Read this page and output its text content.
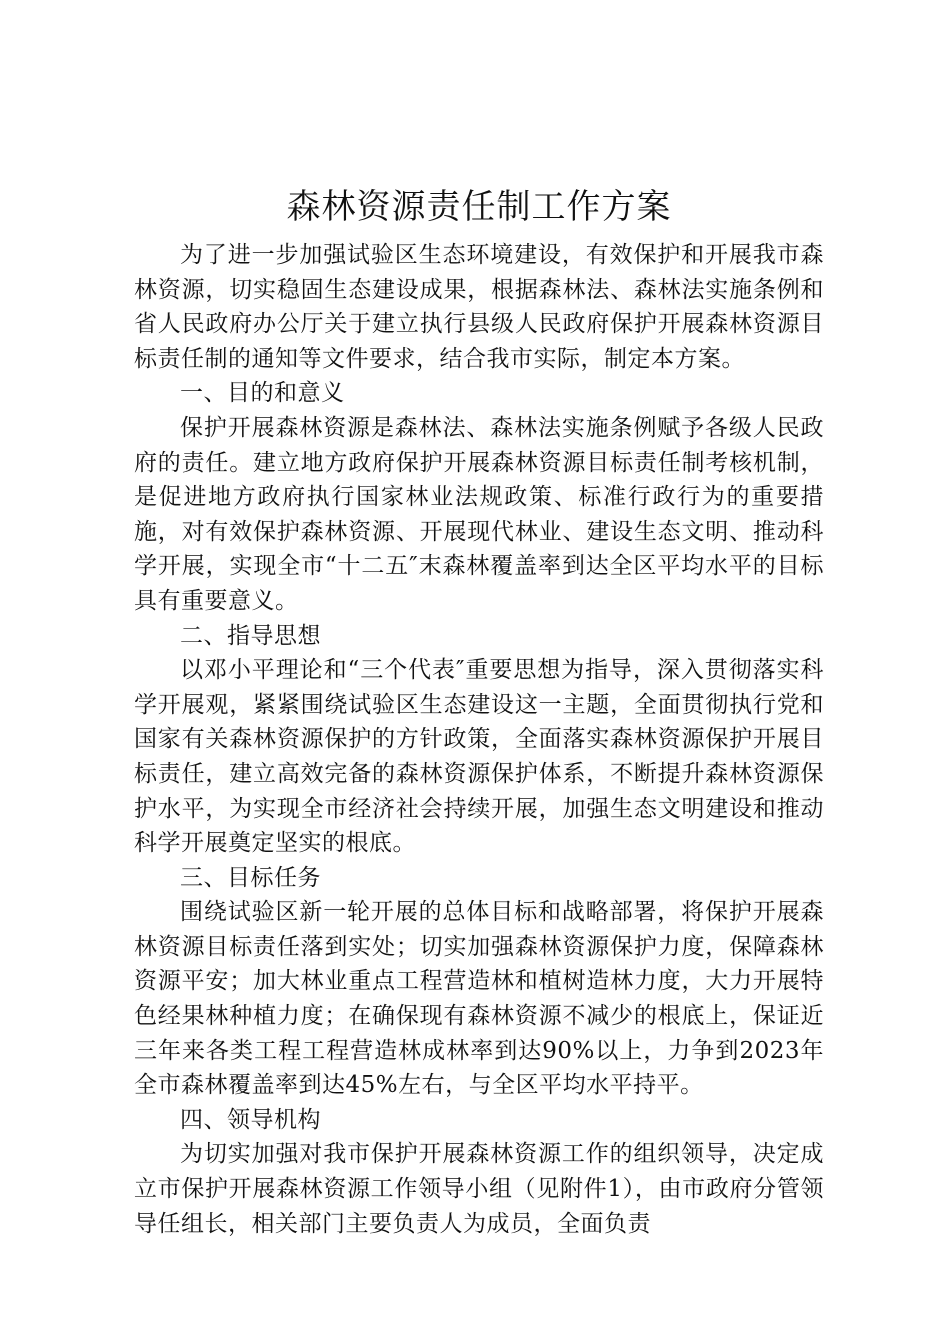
森林资源责任制工作方案

为了进一步加强试验区生态环境建设，有效保护和开展我市森林资源，切实稳固生态建设成果，根据森林法、森林法实施条例和省人民政府办公厅关于建立执行县级人民政府保护开展森林资源目标责任制的通知等文件要求，结合我市实际，制定本方案。

一、目的和意义

保护开展森林资源是森林法、森林法实施条例赋予各级人民政府的责任。建立地方政府保护开展森林资源目标责任制考核机制，是促进地方政府执行国家林业法规政策、标准行政行为的重要措施，对有效保护森林资源、开展现代林业、建设生态文明、推动科学开展，实现全市“十二五″末森林覆盖率到达全区平均水平的目标具有重要意义。

二、指导思想

以邓小平理论和“三个代表″重要思想为指导，深入贯彻落实科学开展观，紧紧围绕试验区生态建设这一主题，全面贯彻执行党和国家有关森林资源保护的方针政策，全面落实森林资源保护开展目标责任，建立高效完备的森林资源保护体系，不断提升森林资源保护水平，为实现全市经济社会持续开展，加强生态文明建设和推动科学开展奠定坚实的根底。

三、目标任务

围绕试验区新一轮开展的总体目标和战略部署，将保护开展森林资源目标责任落到实处；切实加强森林资源保护力度，保障森林资源平安；加大林业重点工程营造林和植树造林力度，大力开展特色经果林种植力度；在确保现有森林资源不减少的根底上，保证近三年来各类工程工程营造林成林率到达90%以上，力争到2023年全市森林覆盖率到达45%左右，与全区平均水平持平。

四、领导机构

为切实加强对我市保护开展森林资源工作的组织领导，决定成立市保护开展森林资源工作领导小组（见附件1），由市政府分管领导任组长，相关部门主要负责人为成员，全面负责
